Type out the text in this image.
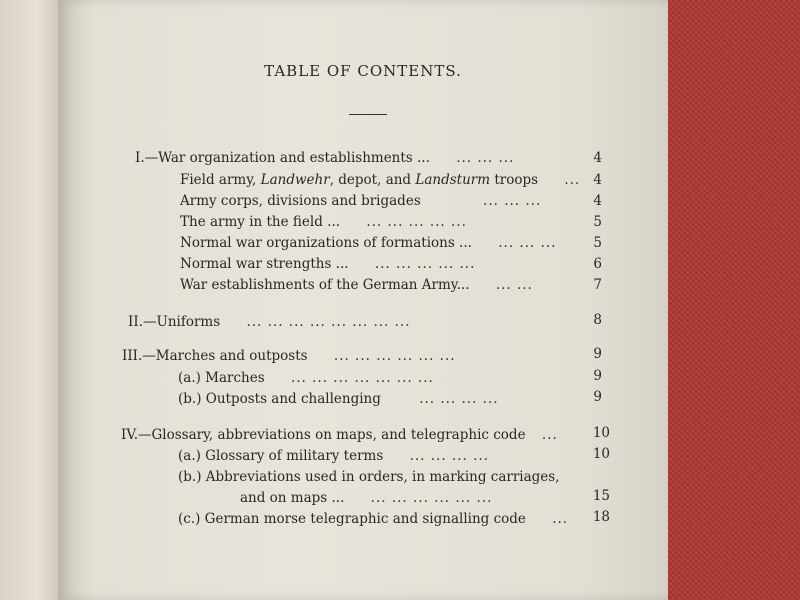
TABLE OF CONTENTS.
I.—War organization and establishments ... ... ... ...	4
Field army, Landwehr, depot, and Landsturm troops ... 4
Army corps, divisions and brigades	... ... ...	4
The army in the field ... ... ... ... ... ...	5
Normal war organizations of formations ... ... ... ...	5
Normal war strengths ... ... ... ... ... ...	6
War establishments of the German Army... ... ...	7
II.—Uniforms ... ... ... ... ... ... ... ...	8
III.—Marches and outposts ... ... ... ... ... ...	9
(a.) Marches ... ... ... ... ... ... ...	9
(b.) Outposts and challenging	... ... ... ...	9
IV.—Glossary, abbreviations on maps, and telegraphic code ...	10
(a.) Glossary of military terms ... ... ... ...	10
(b.) Abbreviations used in orders, in marking carriages,
and on maps ... ... ... ... ... ... ...	15
(c.) German morse telegraphic and signalling code ...	18
